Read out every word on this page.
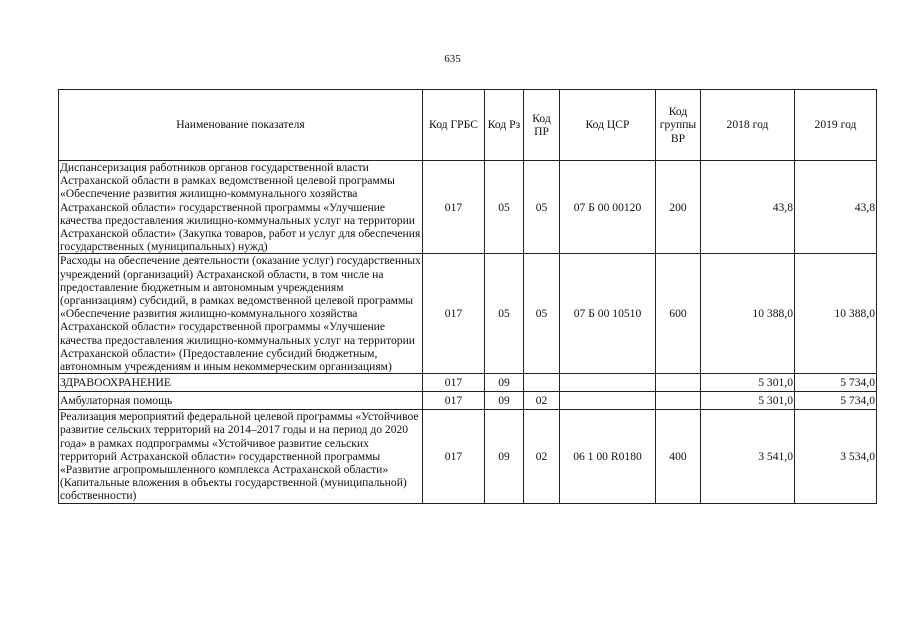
635
Наименование показателя	Код ГРБС	Код Рз	Код ПР	Код ЦСР	Код группы ВР	2018 год	2019 год
Диспансеризация работников органов государственной власти Астраханской области в рамках ведомственной целевой программы «Обеспечение развития жилищно-коммунального хозяйства Астраханской области» государственной программы «Улучшение качества предоставления жилищно-коммунальных услуг на территории Астраханской области» (Закупка товаров, работ и услуг для обеспечения государственных (муниципальных) нужд)	017	05	05	07 Б 00 00120	200	43,8	43,8
Расходы на обеспечение деятельности (оказание услуг) государственных учреждений (организаций) Астраханской области, в том числе на предоставление бюджетным и автономным учреждениям (организациям) субсидий, в рамках ведомственной целевой программы «Обеспечение развития жилищно-коммунального хозяйства Астраханской области» государственной программы «Улучшение качества предоставления жилищно-коммунальных услуг на территории Астраханской области» (Предоставление субсидий бюджетным, автономным учреждениям и иным некоммерческим организациям)	017	05	05	07 Б 00 10510	600	10 388,0	10 388,0
ЗДРАВООХРАНЕНИЕ	017	09				5 301,0	5 734,0
Амбулаторная помощь	017	09	02			5 301,0	5 734,0
Реализация мероприятий федеральной целевой программы «Устойчивое развитие сельских территорий на 2014–2017 годы и на период до 2020 года» в рамках подпрограммы «Устойчивое развитие сельских территорий Астраханской области» государственной программы «Развитие агропромышленного комплекса Астраханской области» (Капитальные вложения в объекты государственной (муниципальной) собственности)	017	09	02	06 1 00 R0180	400	3 541,0	3 534,0
